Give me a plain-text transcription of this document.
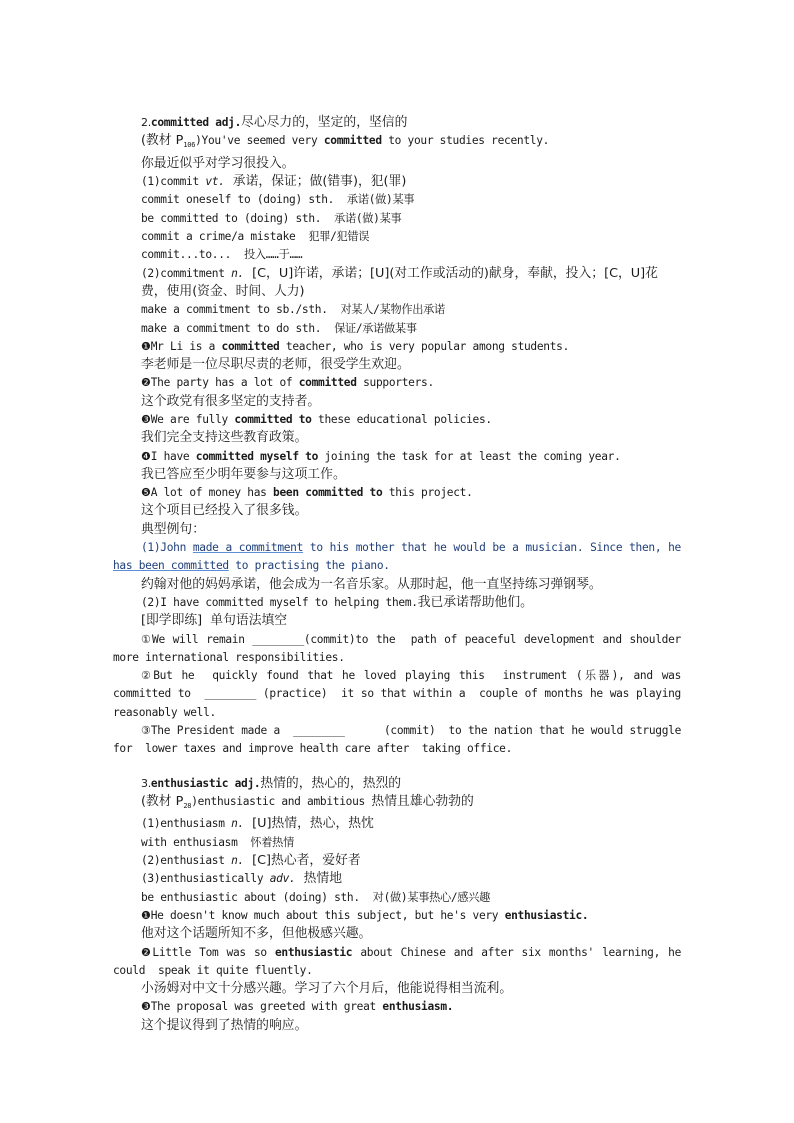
2.committed adj.尽心尽力的，坚定的，坚信的

(教材 $P_{106})You've$ seemed very committed to your studies recently.

你最近似乎对学习很投入。

(1)commit vt.  承诺，保证；做(错事)，犯(罪)

commit oneself to (doing) sth.  承诺(做)某事

be committed to (doing) sth.  承诺(做)某事

commit a crime/a mistake  犯罪/犯错误

commit...to...  投入……于……

(2)commitment n.  [C，U]许诺，承诺；[U](对工作或活动的)献身，奉献，投入；[C，U]花费，使用(资金、时间、人力)

make a commitment to sb./sth.  对某人/某物作出承诺

make a commitment to do sth.  保证/承诺做某事

❶Mr Li is a committed teacher, who is very popular among students.

李老师是一位尽职尽责的老师，很受学生欢迎。

❷The party has a lot of committed supporters.

这个政党有很多坚定的支持者。

❸We are fully committed to these educational policies.

我们完全支持这些教育政策。

❹I have committed myself to joining the task for at least the coming year.

我已答应至少明年要参与这项工作。

❺A lot of money has been committed to this project.

这个项目已经投入了很多钱。

典型例句：

(1)John made a commitment to his mother that he would be a musician. Since then, he has been committed to practising the piano.

约翰对他的妈妈承诺，他会成为一名音乐家。从那时起，他一直坚持练习弹钢琴。

(2)I have committed myself to helping them.我已承诺帮助他们。

[即学即练]  单句语法填空

①We will remain ________(commit)to the  path of peaceful development and shoulder  more international responsibilities.

②But he  quickly found that he loved playing this  instrument (乐器), and was committed to  ________ (practice)  it so that within a  couple of months he was playing  reasonably well.

③The President made a  ________      (commit)  to the nation that he would struggle for  lower taxes and improve health care after  taking office.

3.enthusiastic adj.热情的，热心的，热烈的

(教材 $P_{28})enthusiastic$ and ambitious 热情且雄心勃勃的

(1)enthusiasm n.  [U]热情，热心，热忱

with enthusiasm  怀着热情

(2)enthusiast n.  [C]热心者，爱好者

(3)enthusiastically adv.  热情地

be enthusiastic about (doing) sth.  对(做)某事热心/感兴趣

❶He doesn't know much about this subject, but he's very enthusiastic.

他对这个话题所知不多，但他极感兴趣。

❷Little Tom was so enthusiastic about Chinese and after six months' learning, he could  speak it quite fluently.

小汤姆对中文十分感兴趣。学习了六个月后，他能说得相当流利。

❸The proposal was greeted with great enthusiasm.

这个提议得到了热情的响应。
